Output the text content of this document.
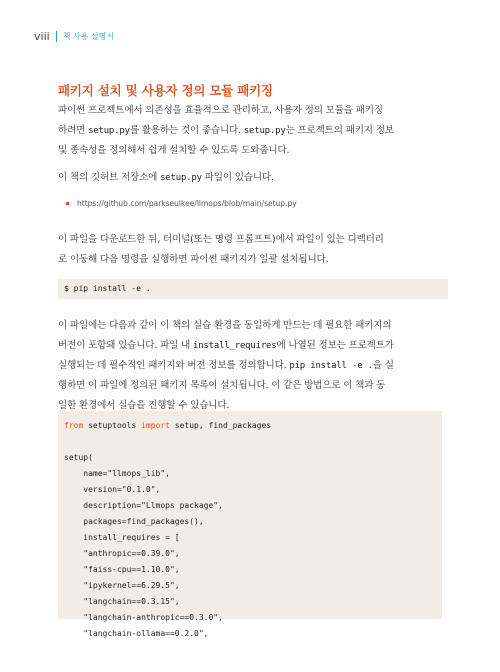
viii 책 사용 설명서
패키지 설치 및 사용자 정의 모듈 패키징
파이썬 프로젝트에서 의존성을 효율적으로 관리하고, 사용자 정의 모듈을 패키징
하려면 setup.py를 활용하는 것이 좋습니다. setup.py는 프로젝트의 패키지 정보
및 종속성을 정의해서 쉽게 설치할 수 있도록 도와줍니다.
이 책의 깃허브 저장소에 setup.py 파일이 있습니다.
https://github.com/parkseulkee/llmops/blob/main/setup.py
이 파일을 다운로드한 뒤, 터미널(또는 명령 프롬프트)에서 파일이 있는 디렉터리
로 이동해 다음 명령을 실행하면 파이썬 패키지가 일괄 설치됩니다.
$ pip install -e .
이 파일에는 다음과 같이 이 책의 실습 환경을 동일하게 만드는 데 필요한 패키지의
버전이 포함돼 있습니다. 파일 내 install_requires에 나열된 정보는 프로젝트가
실행되는 데 필수적인 패키지와 버전 정보를 정의합니다. pip install -e .을 실
행하면 이 파일에 정의된 패키지 목록이 설치됩니다. 이 같은 방법으로 이 책과 동
일한 환경에서 실습을 진행할 수 있습니다.
from setuptools import setup, find_packages
setup(
name="llmops_lib",
version="0.1.0",
description="Llmops package",
packages=find_packages(),
install_requires = [
"anthropic==0.39.0",
"faiss-cpu==1.10.0",
"ipykernel==6.29.5",
"langchain==0.3.15",
"langchain-anthropic==0.3.0",
"langchain-ollama==0.2.0",
